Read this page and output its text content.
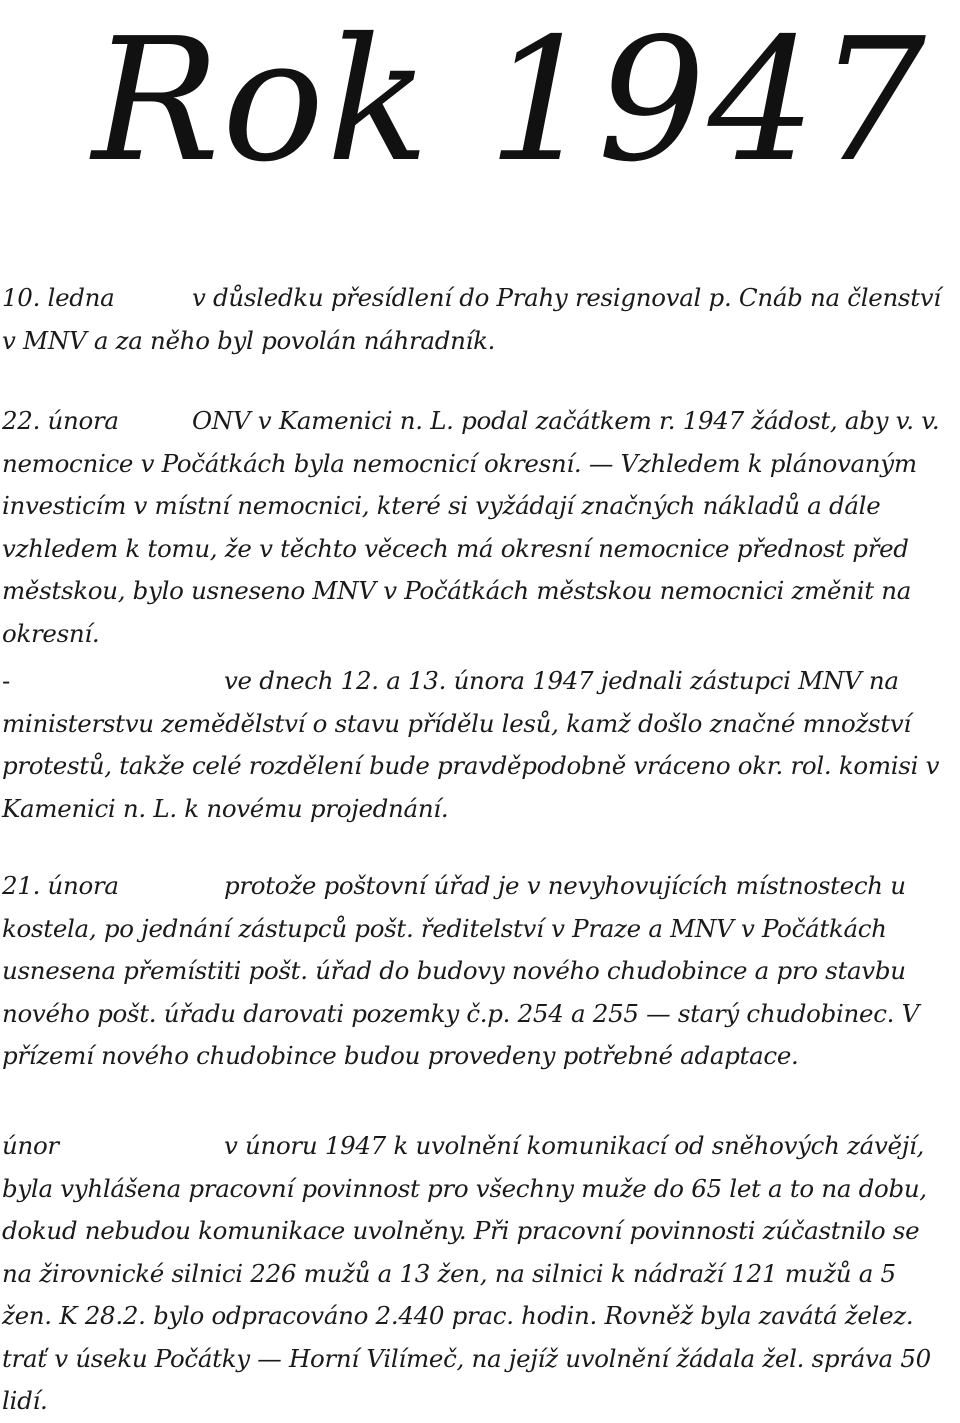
Rok 1947

10. ledna	v důsledku přesídlení do Prahy resignoval p. Cnáb na členství v MNV a za něho byl povolán náhradník.

22. února	ONV v Kamenici n. L. podal začátkem r. 1947 žádost, aby v. v. nemocnice v Počátkách byla nemocnicí okresní. — Vzhledem k plánovaným investicím v místní nemocnici, které si vyžádají značných nákladů a dále vzhledem k tomu, že v těchto věcech má okresní nemocnice přednost před městskou, bylo usneseno MNV v Počátkách městskou nemocnici změnit na okresní.

-	ve dnech 12. a 13. února 1947 jednali zástupci MNV na ministerstvu zemědělství o stavu přídělu lesů, kamž došlo značné množství protestů, takže celé rozdělení bude pravděpodobně vráceno okr. rol. komisi v Kamenici n. L. k novému projednání.

21. února	protože poštovní úřad je v nevyhovujících místnostech u kostela, po jednání zástupců pošt. ředitelství v Praze a MNV v Počátkách usnesena přemístiti pošt. úřad do budovy nového chudobince a pro stavbu nového pošt. úřadu darovati pozemky č.p. 254 a 255 — starý chudobinec. V přízemí nového chudobince budou provedeny potřebné adaptace.

únor	v únoru 1947 k uvolnění komunikací od sněhových závějí, byla vyhlášena pracovní povinnost pro všechny muže do 65 let a to na dobu, dokud nebudou komunikace uvolněny. Při pracovní povinnosti zúčastnilo se na žirovnické silnici 226 mužů a 13 žen, na silnici k nádraží 121 mužů a 5 žen. K 28.2. bylo odpracováno 2.440 prac. hodin. Rovněž byla zavátá želez. trať v úseku Počátky — Horní Vilímeč, na jejíž uvolnění žádala žel. správa 50 lidí.
